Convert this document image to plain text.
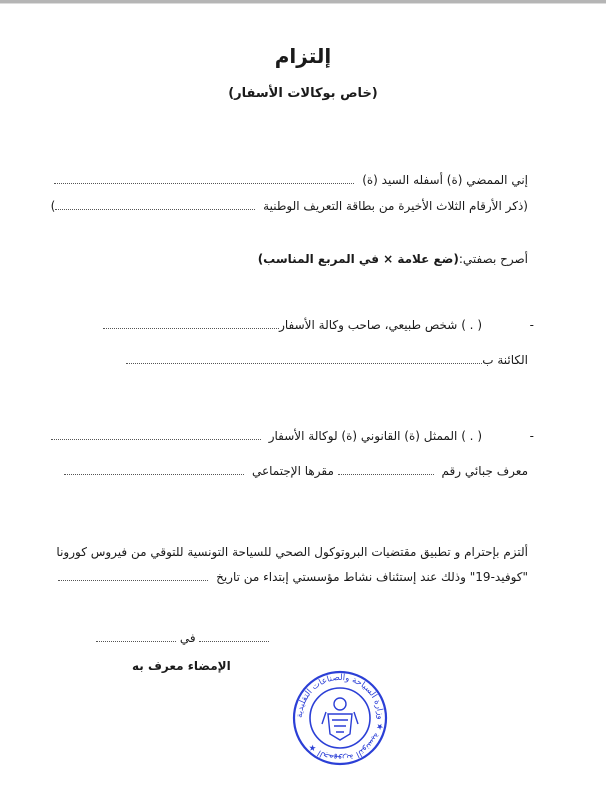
إلتزام
(خاص بوكالات الأسفار)
إني الممضي (ة) أسفله السيد (ة)
(ذكر الأرقام الثلاث الأخيرة من بطاقة التعريف الوطنية )
أصرح بصفتي:(ضع علامة × في المربع المناسب)
-  ( . ) شخص طبيعي، صاحب وكالة الأسفار
الكائنة ب
-  ( . ) الممثل (ة) القانوني (ة) لوكالة الأسفار
معرف جبائي رقم  مقرها الإجتماعي
ألتزم بإحترام و تطبيق مقتضيات البروتوكول الصحي للسياحة التونسية للتوقي من فيروس كورونا
"كوفيد-19" وذلك عند إستئناف نشاط مؤسستي إبتداء من تاريخ
في
الإمضاء معرف به
الجمهورية التونسية ★ وزارة السياحة والصناعات التقليدية ★
